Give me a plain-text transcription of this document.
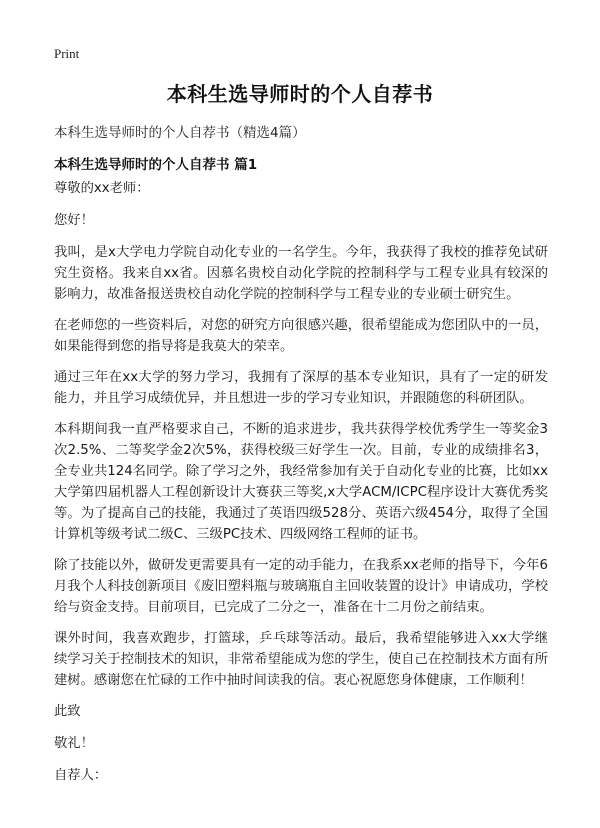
Print
本科生选导师时的个人自荐书
本科生选导师时的个人自荐书（精选4篇）
本科生选导师时的个人自荐书 篇1

尊敬的xx老师：

您好！

我叫，是x大学电力学院自动化专业的一名学生。今年，我获得了我校的推荐免试研究生资格。我来自xx省。因慕名贵校自动化学院的控制科学与工程专业具有较深的影响力，故准备报送贵校自动化学院的控制科学与工程专业的专业硕士研究生。

在老师您的一些资料后，对您的研究方向很感兴趣，很希望能成为您团队中的一员，如果能得到您的指导将是我莫大的荣幸。

通过三年在xx大学的努力学习，我拥有了深厚的基本专业知识，具有了一定的研发能力，并且学习成绩优异，并且想进一步的学习专业知识，并跟随您的科研团队。

本科期间我一直严格要求自己，不断的追求进步，我共获得学校优秀学生一等奖金3次2.5%、二等奖学金2次5%，获得校级三好学生一次。目前，专业的成绩排名3，全专业共124名同学。除了学习之外，我经常参加有关于自动化专业的比赛，比如xx大学第四届机器人工程创新设计大赛获三等奖,x大学ACM/ICPC程序设计大赛优秀奖等。为了提高自己的技能，我通过了英语四级528分、英语六级454分，取得了全国计算机等级考试二级C、三级PC技术、四级网络工程师的证书。

除了技能以外，做研发更需要具有一定的动手能力，在我系xx老师的指导下，今年6月我个人科技创新项目《废旧塑料瓶与玻璃瓶自主回收装置的设计》申请成功，学校给与资金支持。目前项目，已完成了二分之一，准备在十二月份之前结束。

课外时间，我喜欢跑步，打篮球，乒乓球等活动。最后，我希望能够进入xx大学继续学习关于控制技术的知识，非常希望能成为您的学生，使自己在控制技术方面有所建树。感谢您在忙碌的工作中抽时间读我的信。衷心祝愿您身体健康，工作顺利！

此致

敬礼！

自荐人：
